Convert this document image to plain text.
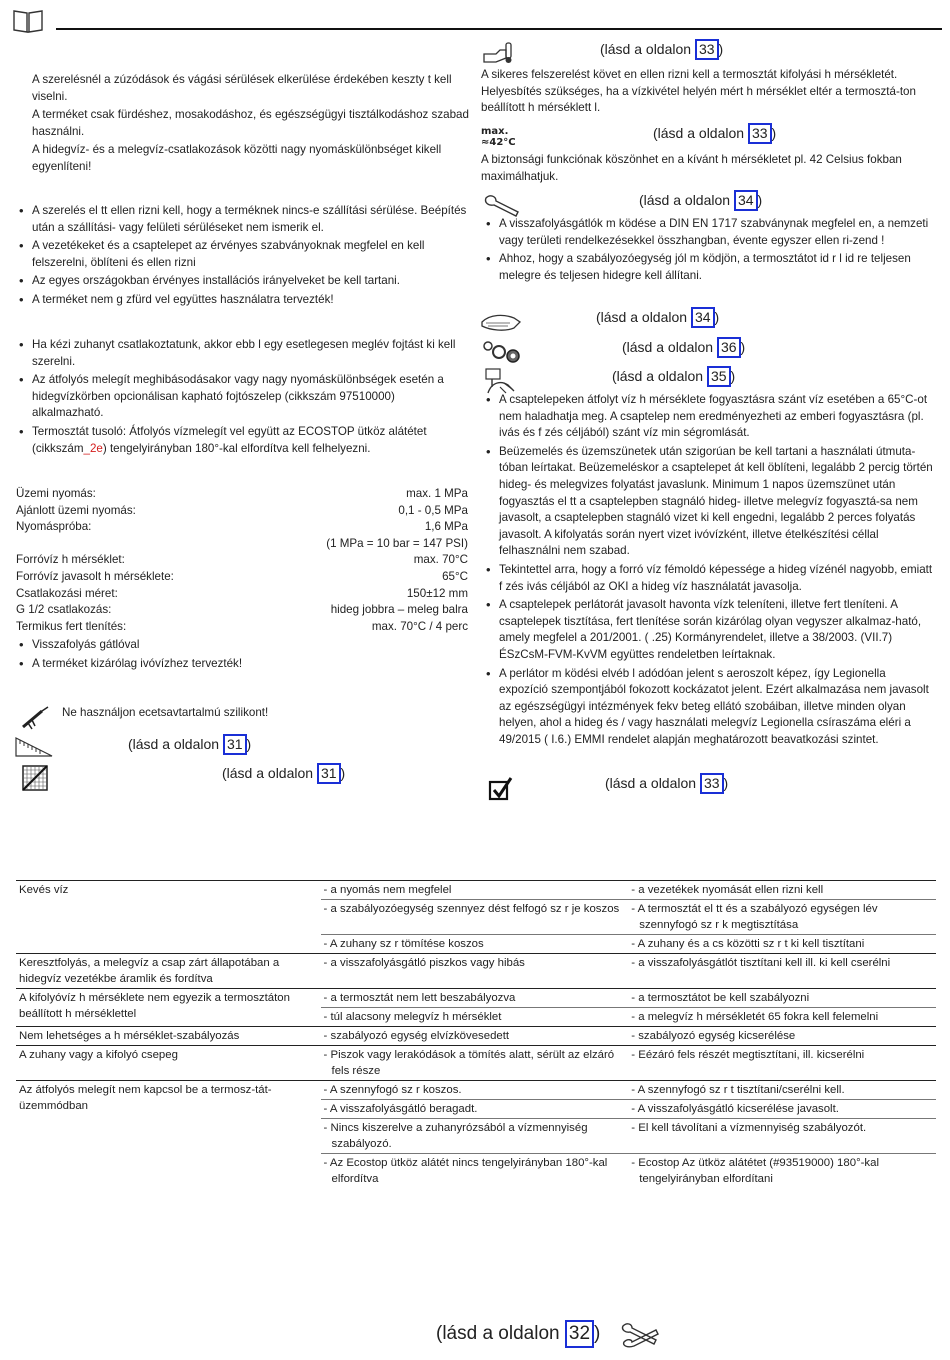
A szerelésnél a zúzódások és vágási sérülések elkerülése érdekében keszty t kell viselni.

A terméket csak fürdéshez, mosakodáshoz, és egészségügyi tisztálkodáshoz szabad használni.

A hidegvíz- és a melegvíz-csatlakozások közötti nagy nyomáskülönbséget kikell egyenlíteni!

• A szerelés el tt ellen rizni kell, hogy a terméknek nincs-e szállítási sérülése. Beépítés után a szállítási- vagy felületi sérüléseket nem ismerik el.
• A vezetékeket és a csaptelepet az érvényes szabványoknak megfelel en kell felszerelni, öblíteni és ellen rizni
• Az egyes országokban érvényes installációs irányelveket be kell tartani.
• A terméket nem g zfürd vel együttes használatra tervezték!
• Ha kézi zuhanyt csatlakoztatunk, akkor ebb l egy esetlegesen meglév fojtást ki kell szerelni.
• Az átfolyós melegít meghibásodásakor vagy nagy nyomáskülönbségek esetén a hidegvízkörben opcionálisan kapható fojtószelep (cikkszám 97510000) alkalmazható.
• Termosztát tusoló: Átfolyós vízmelegít vel együtt az ECOSTOP ütköz alátétet (cikkszám_2e) tengelyirányban 180°-kal elfordítva kell felhelyezni.
Üzemi nyomás:	max. 1 MPa
Ajánlott üzemi nyomás:	0,1 - 0,5 MPa
Nyomáspróba:	1,6 MPa
(1 MPa = 10 bar = 147 PSI)
Forróvíz h mérséklet:	max. 70°C
Forróvíz javasolt h mérséklete:	65°C
Csatlakozási méret:	150±12 mm
G 1/2 csatlakozás:	hideg jobbra – meleg balra
Termikus fert tlenítés:	max. 70°C / 4 perc
• Visszafolyás gátlóval
• A terméket kizárólag ivóvízhez tervezték!
Ne használjon ecetsavtartalmú szilikont!
(lásd a oldalon 31 )
(lásd a oldalon 31 )
(lásd a oldalon 33 )

A sikeres felszerelést követ en ellen rizni kell a termosztát kifolyási h mérsékletét. Helyesbítés szükséges, ha a vízkivétel helyén mért h mérséklet eltér a termosztá-ton beállított h mérséklett l.

max.
≈42°C
(lásd a oldalon 33 )

A biztonsági funkciónak köszönhet en a kívánt h mérsékletet pl. 42 Celsius fokban maximálhatjuk.

(lásd a oldalon 34 )
• A visszafolyásgátlók m ködése a DIN EN 1717 szabványnak megfelel en, a nemzeti vagy területi rendelkezésekkel összhangban, évente egyszer ellen ri-zend !
• Ahhoz, hogy a szabályozóegység jól m ködjön, a termosztátot id r l id re teljesen melegre és teljesen hidegre kell állítani.
(lásd a oldalon 34 )
(lásd a oldalon 36 )
(lásd a oldalon 35 )
• A csaptelepeken átfolyt víz h mérséklete fogyasztásra szánt víz esetében a 65°C-ot nem haladhatja meg. A csaptelep nem eredményezheti az emberi fogyasztásra (pl. ivás és f zés céljából) szánt víz min ségromlását.
• Beüzemelés és üzemszünetek után szigorúan be kell tartani a használati útmuta-tóban leírtakat. Beüzemeléskor a csaptelepet át kell öblíteni, legalább 2 percig történ hideg- és melegvizes folyatást javaslunk. Minimum 1 napos üzemszünet után fogyasztás el tt a csaptelepben stagnáló hideg- illetve melegvíz fogyasztá-sa nem javasolt, a csaptelepben stagnáló vizet ki kell engedni, legalább 2 perces folyatás javasolt. A kifolyatás során nyert vizet ivóvízként, illetve ételkészítési céllal felhasználni nem szabad.
• Tekintettel arra, hogy a forró víz fémoldó képessége a hideg vízénél nagyobb, emiatt f zés ivás céljából az OKI a hideg víz használatát javasolja.
• A csaptelepek perlátorát javasolt havonta vízk teleníteni, illetve fert tleníteni. A csaptelepek tisztítása, fert tlenítése során kizárólag olyan vegyszer alkalmaz-ható, amely megfelel a 201/2001. ( .25) Kormányrendelet, illetve a 38/2003. (VII.7) ÉSzCsM-FVM-KvVM együttes rendeletben leírtaknak.
• A perlátor m ködési elvéb l adódóan jelent s aeroszolt képez, így Legionella expozíció szempontjából fokozott kockázatot jelent. Ezért alkalmazása nem javasolt az egészségügyi intézmények fekv beteg ellátó szobáiban, illetve minden olyan helyen, ahol a hideg és / vagy használati melegvíz Legionella csíraszáma eléri a 49/2015 ( I.6.) EMMI rendelet alapján meghatározott beavatkozási szintet.
(lásd a oldalon 33 )
Kevés víz	- a nyomás nem megfelel	- a vezetékek nyomását ellen rizni kell

	- a szabályozóegység szennyez dést felfogó sz r je koszos	- A termosztát el tt és a szabályozó egységen lév szennyfogó sz r k megtisztítása

	- A zuhany sz r tömítése koszos	- A zuhany és a cs közötti sz r t ki kell tisztítani

Keresztfolyás, a melegvíz a csap zárt állapotában a hidegvíz vezetékbe áramlik és fordítva	- a visszafolyásgátló piszkos vagy hibás	- a visszafolyásgátlót tisztítani kell ill. ki kell cserélni

A kifolyóvíz h mérséklete nem egyezik a termosztáton beállított h mérséklettel	- a termosztát nem lett beszabályozva	- a termosztátot be kell szabályozni

	- túl alacsony melegvíz h mérséklet	- a melegvíz h mérsékletét 65 fokra kell felemelni

Nem lehetséges a h mérséklet-szabályozás	- szabályozó egység elvízkövesedett	- szabályozó egység kicserélése

A zuhany vagy a kifolyó csepeg	- Piszok vagy lerakódások a tömítés alatt, sérült az elzáró fels része	- Eézáró fels részét megtisztítani, ill. kicserélni

Az átfolyós melegít nem kapcsol be a termosz-tát-üzemmódban	- A szennyfogó sz r koszos.	- A szennyfogó sz r t tisztítani/cserélni kell.

	- A visszafolyásgátló beragadt.	- A visszafolyásgátló kicserélése javasolt.

	- Nincs kiszerelve a zuhanyrózsából a vízmennyiség szabályozó.	- El kell távolítani a vízmennyiség szabályozót.

	- Az Ecostop ütköz alátét nincs tengelyirányban 180°-kal elfordítva	- Ecostop Az ütköz alátétet (#93519000) 180°-kal tengelyirányban elfordítani
(lásd a oldalon 32 )
